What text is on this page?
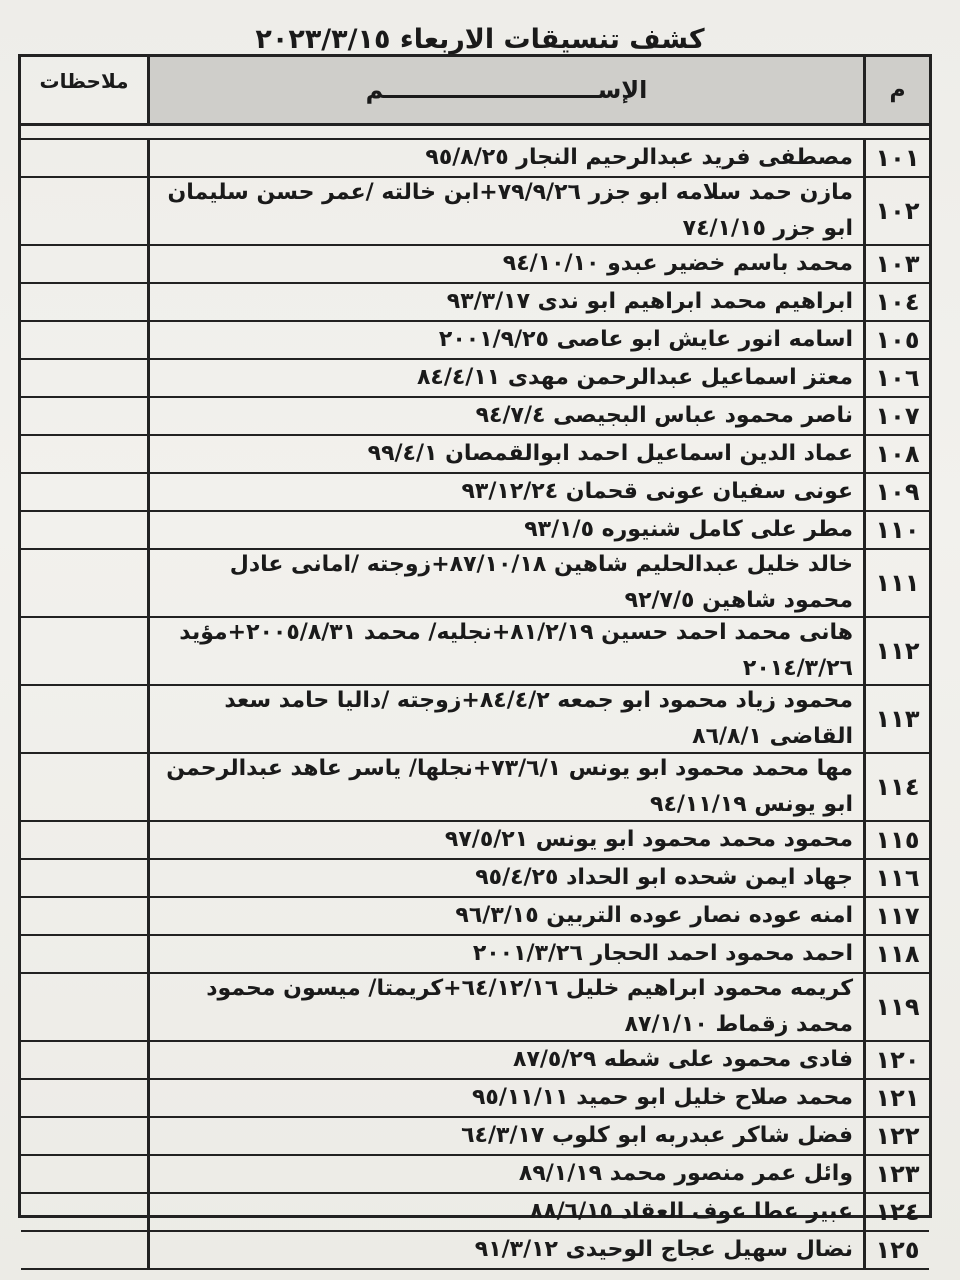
كشف تنسيقات الاربعاء ٢٠٢٣/٣/١٥
م
الإســــــــــــــــــــــــــم
ملاحظات
١٠١
مصطفى فريد عبدالرحيم النجار ٩٥/٨/٢٥
١٠٢
مازن حمد سلامه ابو جزر ٧٩/٩/٢٦+ابن خالته /عمر حسن سليمان ابو جزر ٧٤/١/١٥
١٠٣
محمد باسم خضير عبدو ٩٤/١٠/١٠
١٠٤
ابراهيم محمد ابراهيم ابو ندى ٩٣/٣/١٧
١٠٥
اسامه انور عايش ابو عاصى ٢٠٠١/٩/٢٥
١٠٦
معتز اسماعيل عبدالرحمن مهدى ٨٤/٤/١١
١٠٧
ناصر محمود عباس البجيصى ٩٤/٧/٤
١٠٨
عماد الدين اسماعيل احمد ابوالقمصان ٩٩/٤/١
١٠٩
عونى سفيان عونى قحمان ٩٣/١٢/٢٤
١١٠
مطر على كامل شنيوره ٩٣/١/٥
١١١
خالد خليل عبدالحليم شاهين ٨٧/١٠/١٨+زوجته /امانى عادل محمود شاهين ٩٢/٧/٥
١١٢
هانى محمد احمد حسين ٨١/٢/١٩+نجليه/ محمد ٢٠٠٥/٨/٣١+مؤيد ٢٠١٤/٣/٢٦
١١٣
محمود زياد محمود ابو جمعه ٨٤/٤/٢+زوجته /داليا حامد سعد القاضى ٨٦/٨/١
١١٤
مها محمد محمود ابو يونس ٧٣/٦/١+نجلها/ ياسر عاهد عبدالرحمن ابو يونس ٩٤/١١/١٩
١١٥
محمود محمد محمود ابو يونس ٩٧/٥/٢١
١١٦
جهاد ايمن شحده ابو الحداد ٩٥/٤/٢٥
١١٧
امنه عوده نصار عوده التربين ٩٦/٣/١٥
١١٨
احمد محمود احمد الحجار ٢٠٠١/٣/٢٦
١١٩
كريمه محمود ابراهيم خليل ٦٤/١٢/١٦+كريمتا/ ميسون محمود محمد زقماط ٨٧/١/١٠
١٢٠
فادى محمود على شطه ٨٧/٥/٢٩
١٢١
محمد صلاح خليل ابو حميد ٩٥/١١/١١
١٢٢
فضل شاكر عبدربه ابو كلوب ٦٤/٣/١٧
١٢٣
وائل عمر منصور محمد ٨٩/١/١٩
١٢٤
عبير عطا عوف العقاد ٨٨/٦/١٥
١٢٥
نضال سهيل عجاج الوحيدى ٩١/٣/١٢
